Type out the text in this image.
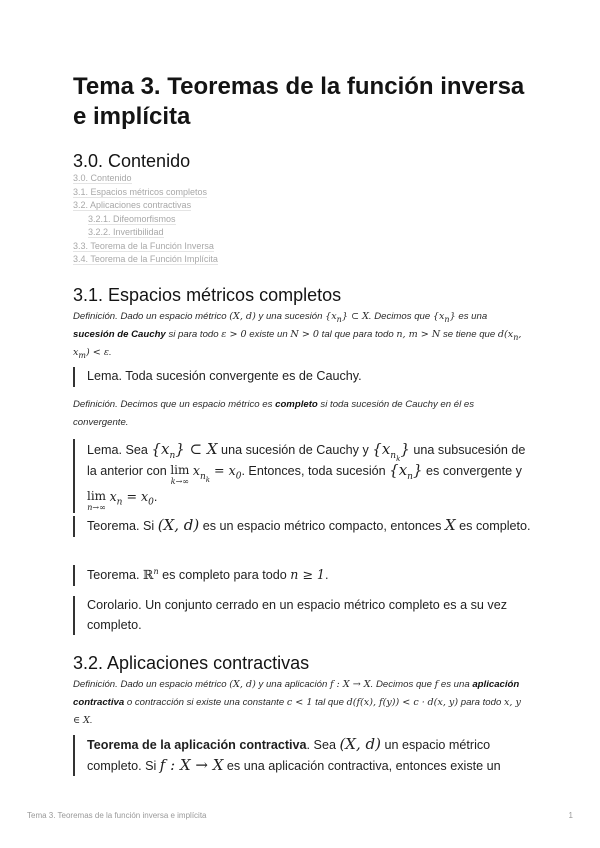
Tema 3. Teoremas de la función inversa e implícita
3.0. Contenido
3.0. Contenido
3.1. Espacios métricos completos
3.2. Aplicaciones contractivas
3.2.1. Difeomorfismos
3.2.2. Invertibilidad
3.3. Teorema de la Función Inversa
3.4. Teorema de la Función Implícita
3.1. Espacios métricos completos
Definición. Dado un espacio métrico (X, d) y una sucesión $\{x_n\}$ ⊂ X. Decimos que $\{x_n\}$ es una sucesión de Cauchy si para todo ε > 0 existe un N > 0 tal que para todo n, m > N se tiene que $d(x_n$, $x_m) < \varepsilon$.
Lema. Toda sucesión convergente es de Cauchy.
Definición. Decimos que un espacio métrico es completo si toda sucesión de Cauchy en él es convergente.
Lema. Sea $\{x_n\}$ ⊂ X una sucesión de Cauchy y $\{x_{n_k}\}$ una subsucesión de la anterior con lim
k→∞
$x_{n_k} = x_0$. Entonces, toda sucesión $\{x_n\}$ es convergente y
lim
n→∞
$x_n = x_0$.
Teorema. Si (X, d) es un espacio métrico compacto, entonces X es completo.
Teorema. ℝ$^n$ es completo para todo n ≥ 1.
Corolario. Un conjunto cerrado en un espacio métrico completo es a su vez completo.
3.2. Aplicaciones contractivas
Definición. Dado un espacio métrico (X, d) y una aplicación f : X → X. Decimos que f es una aplicación contractiva o contracción si existe una constante c < 1 tal que d(f(x), f(y)) < c · d(x, y) para todo x, y ∈ X.
Teorema de la aplicación contractiva. Sea (X, d) un espacio métrico completo. Si f : X → X es una aplicación contractiva, entonces existe un
Tema 3. Teoremas de la función inversa e implícita	1
